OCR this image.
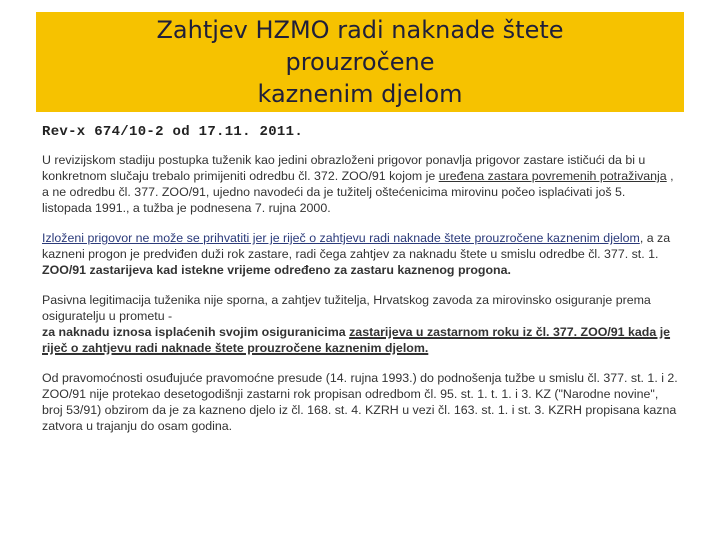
Zahtjev HZMO radi naknade štete prouzročene
kaznenim djelom

Rev-x 674/10-2 od 17.11. 2011.

U revizijskom stadiju postupka tuženik kao jedini obrazloženi prigovor ponavlja prigovor zastare ističući da bi u konkretnom slučaju trebalo primijeniti odredbu čl. 372. ZOO/91 kojom je uređena zastara povremenih potraživanja , a ne odredbu čl. 377. ZOO/91, ujedno navodeći da je tužitelj oštećenicima mirovinu počeo isplaćivati još 5. listopada 1991., a tužba je podnesena 7. rujna 2000.

Izloženi prigovor ne može se prihvatiti jer je riječ o zahtjevu radi naknade štete prouzročene kaznenim djelom, a za kazneni progon je predviđen duži rok zastare, radi čega zahtjev za naknadu štete u smislu odredbe čl. 377. st. 1. ZOO/91 zastarijeva kad istekne vrijeme određeno za zastaru kaznenog progona.

Pasivna legitimacija tuženika nije sporna, a zahtjev tužitelja, Hrvatskog zavoda za mirovinsko osiguranje prema osiguratelju u prometu -
za naknadu iznosa isplaćenih svojim osiguranicima zastarijeva u zastarnom roku iz čl. 377. ZOO/91 kada je riječ o zahtjevu radi naknade štete prouzročene kaznenim djelom.

Od pravomoćnosti osuđujuće pravomoćne presude (14. rujna 1993.) do podnošenja tužbe u smislu čl. 377. st. 1. i 2. ZOO/91 nije protekao desetogodišnji zastarni rok propisan odredbom čl. 95. st. 1. t. 1. i 3. KZ ("Narodne novine", broj 53/91) obzirom da je za kazneno djelo iz čl. 168. st. 4. KZRH u vezi čl. 163. st. 1. i st. 3. KZRH propisana kazna zatvora u trajanju do osam godina.
